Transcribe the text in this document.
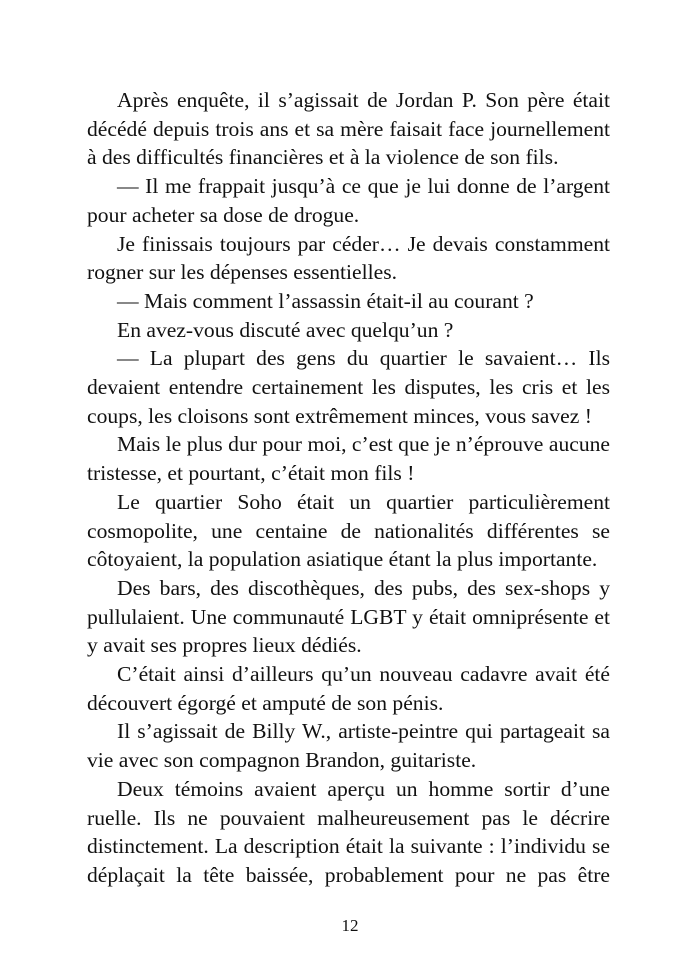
Après enquête, il s’agissait de Jordan P. Son père était décédé depuis trois ans et sa mère faisait face journellement à des difficultés financières et à la violence de son fils.

— Il me frappait jusqu’à ce que je lui donne de l’argent pour acheter sa dose de drogue.

Je finissais toujours par céder… Je devais constamment rogner sur les dépenses essentielles.

— Mais comment l’assassin était-il au courant ?

En avez-vous discuté avec quelqu’un ?

— La plupart des gens du quartier le savaient… Ils devaient entendre certainement les disputes, les cris et les coups, les cloisons sont extrêmement minces, vous savez !

Mais le plus dur pour moi, c’est que je n’éprouve aucune tristesse, et pourtant, c’était mon fils !

Le quartier Soho était un quartier particulièrement cosmopolite, une centaine de nationalités différentes se côtoyaient, la population asiatique étant la plus importante.

Des bars, des discothèques, des pubs, des sex-shops y pullulaient. Une communauté LGBT y était omniprésente et y avait ses propres lieux dédiés.

C’était ainsi d’ailleurs qu’un nouveau cadavre avait été découvert égorgé et amputé de son pénis.

Il s’agissait de Billy W., artiste-peintre qui partageait sa vie avec son compagnon Brandon, guitariste.

Deux témoins avaient aperçu un homme sortir d’une ruelle. Ils ne pouvaient malheureusement pas le décrire distinctement. La description était la suivante : l’individu se déplaçait la tête baissée, probablement pour ne pas être

12
